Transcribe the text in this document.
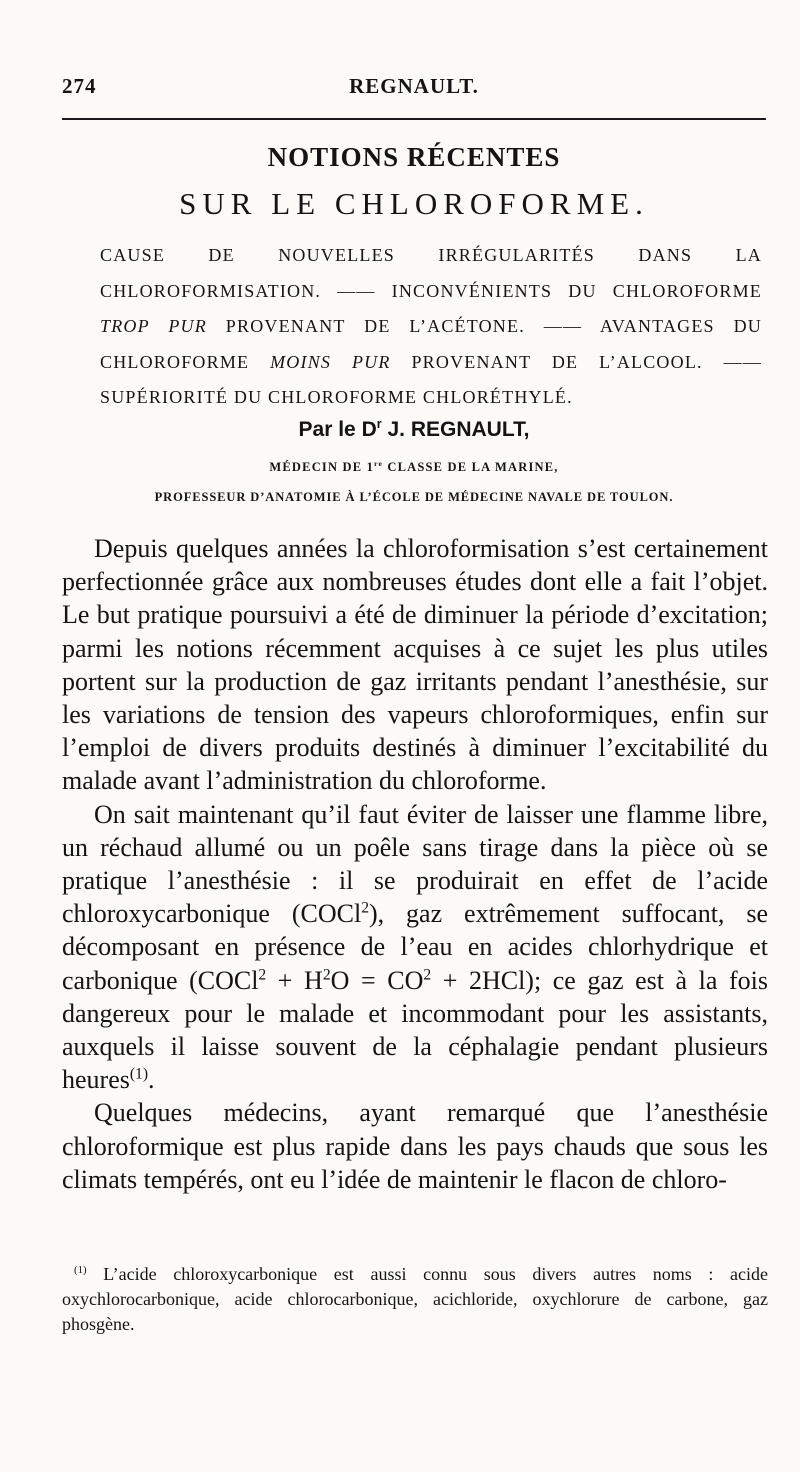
274	REGNAULT.
NOTIONS RÉCENTES
SUR LE CHLOROFORME.
CAUSE DE NOUVELLES IRRÉGULARITÉS DANS LA CHLOROFORMISATION. —— INCONVÉNIENTS DU CHLOROFORME TROP PUR PROVENANT DE L’ACÉTONE. —— AVANTAGES DU CHLOROFORME MOINS PUR PROVENANT DE L’ALCOOL. —— SUPÉRIORITÉ DU CHLOROFORME CHLORÉTHYLÉ.
Par le $D^r$ J. REGNAULT,
MÉDECIN DE 1re CLASSE DE LA MARINE,
PROFESSEUR D’ANATOMIE À L’ÉCOLE DE MÉDECINE NAVALE DE TOULON.

Depuis quelques années la chloroformisation s’est certainement perfectionnée grâce aux nombreuses études dont elle a fait l’objet. Le but pratique poursuivi a été de diminuer la période d’excitation; parmi les notions récemment acquises à ce sujet les plus utiles portent sur la production de gaz irritants pendant l’anesthésie, sur les variations de tension des vapeurs chloroformiques, enfin sur l’emploi de divers produits destinés à diminuer l’excitabilité du malade avant l’administration du chloroforme.

On sait maintenant qu’il faut éviter de laisser une flamme libre, un réchaud allumé ou un poêle sans tirage dans la pièce où se pratique l’anesthésie : il se produirait en effet de l’acide chloroxycarbonique (COCl$^2$), gaz extrêmement suffocant, se décomposant en présence de l’eau en acides chlorhydrique et carbonique (COCl$^2$ + $H^2O = CO^2 + 2HCl$); ce gaz est à la fois dangereux pour le malade et incommodant pour les assistants, auxquels il laisse souvent de la céphalagie pendant plusieurs heures$^{(1)}$.

Quelques médecins, ayant remarqué que l’anesthésie chloroformique est plus rapide dans les pays chauds que sous les climats tempérés, ont eu l’idée de maintenir le flacon de chloro-

$^{(1)}$ L’acide chloroxycarbonique est aussi connu sous divers autres noms : acide oxychlorocarbonique, acide chlorocarbonique, acichloride, oxychlorure de carbone, gaz phosgène.
